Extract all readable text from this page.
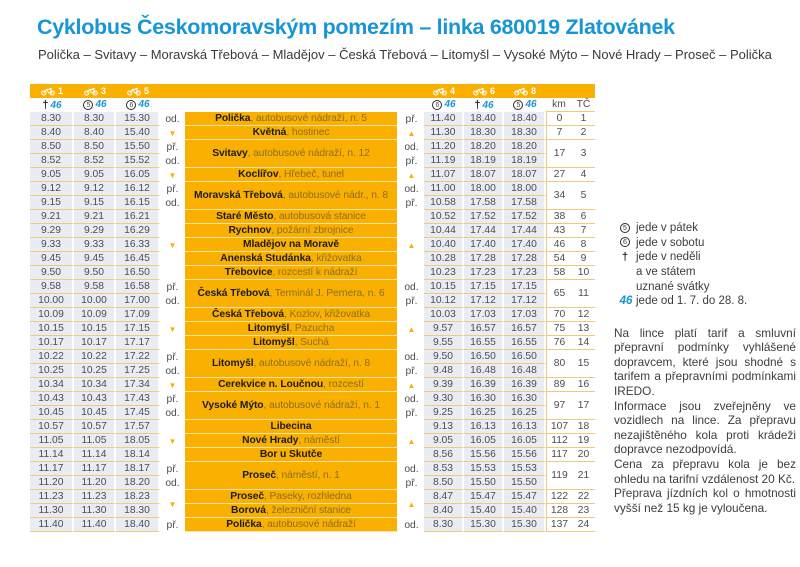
Cyklobus Českomoravským pomezím – linka 680019 Zlatovánek
Polička – Svitavy – Moravská Třebová – Mladějov – Česká Třebová – Litomyšl – Vysoké Mýto – Nové Hrady – Proseč – Polička
1	3	5				4	6	8		

† 46	5 46	6 46				6 46	† 46	5 46	km	TČ
8.30	8.30	15.30	od.	Polička, autobusové nádraží, n. 5	př.	11.40	18.40	18.40	0	1
8.40	8.40	15.40	▼	Květná, hostinec	▲	11.30	18.30	18.30	7	2
8.50	8.50	15.50	př.	Svitavy, autobusové nádraží, n. 12	od.	11.20	18.20	18.20	17	3
8.52	8.52	15.52	od.		př.	11.19	18.19	18.19		
9.05	9.05	16.05	▼	Koclířov, Hřebeč, tunel	▲	11.07	18.07	18.07	27	4
9.12	9.12	16.12	př.	Moravská Třebová, autobusové nádr., n. 8	od.	11.00	18.00	18.00	34	5
9.15	9.15	16.15	od.		př.	10.58	17.58	17.58		
9.21	9.21	16.21	▼	Staré Město, autobusová stanice	▲	10.52	17.52	17.52	38	6
9.29	9.29	16.29		Rychnov, požární zbrojnice		10.44	17.44	17.44	43	7
9.33	9.33	16.33		Mladějov na Moravě		10.40	17.40	17.40	46	8
9.45	9.45	16.45		Anenská Studánka, křižovatka		10.28	17.28	17.28	54	9
9.50	9.50	16.50		Třebovice, rozcestí k nádraží		10.23	17.23	17.23	58	10
9.58	9.58	16.58	př.	Česká Třebová, Terminál J. Pernera, n. 6	od.	10.15	17.15	17.15	65	11
10.00	10.00	17.00	od.		př.	10.12	17.12	17.12		
10.09	10.09	17.09	▼	Česká Třebová, Kozlov, křižovatka	▲	10.03	17.03	17.03	70	12
10.15	10.15	17.15		Litomyšl, Pazucha		9.57	16.57	16.57	75	13
10.17	10.17	17.17		Litomyšl, Suchá		9.55	16.55	16.55	76	14
10.22	10.22	17.22	př.	Litomyšl, autobusové nádraží, n. 8	od.	9.50	16.50	16.50	80	15
10.25	10.25	17.25	od.		př.	9.48	16.48	16.48		
10.34	10.34	17.34	▼	Cerekvice n. Loučnou, rozcestí	▲	9.39	16.39	16.39	89	16
10.43	10.43	17.43	př.	Vysoké Mýto, autobusové nádraží, n. 1	od.	9.30	16.30	16.30	97	17
10.45	10.45	17.45	od.		př.	9.25	16.25	16.25		
10.57	10.57	17.57	▼	Libecina	▲	9.13	16.13	16.13	107	18
11.05	11.05	18.05		Nové Hrady, náměstí		9.05	16.05	16.05	112	19
11.14	11.14	18.14		Bor u Skutče		8.56	15.56	15.56	117	20
11.17	11.17	18.17	př.	Proseč, náměstí, n. 1	od.	8.53	15.53	15.53	119	21
11.20	11.20	18.20	od.		př.	8.50	15.50	15.50		
11.23	11.23	18.23	▼	Proseč, Paseky, rozhledna	▲	8.47	15.47	15.47	122	22
11.30	11.30	18.30		Borová, železniční stanice		8.40	15.40	15.40	128	23
11.40	11.40	18.40	př.	Polička, autobusové nádraží	od.	8.30	15.30	15.30	137	24
5 jede v pátek
6 jede v sobotu
† jede v neděli
a ve státem
uznané svátky
46 jede od 1. 7. do 28. 8.

Na lince platí tarif a smluvní přepravní podmínky vyhlášené dopravcem, které jsou shodné s tarifem a přepravními podmínkami IREDO.

Informace jsou zveřejněny ve vozidlech na lince. Za přepravu nezajištěného kola proti krádeži dopravce nezodpovídá.

Cena za přepravu kola je bez ohledu na tarifní vzdálenost 20 Kč.

Přeprava jízdních kol o hmotnosti vyšší než 15 kg je vyloučena.
